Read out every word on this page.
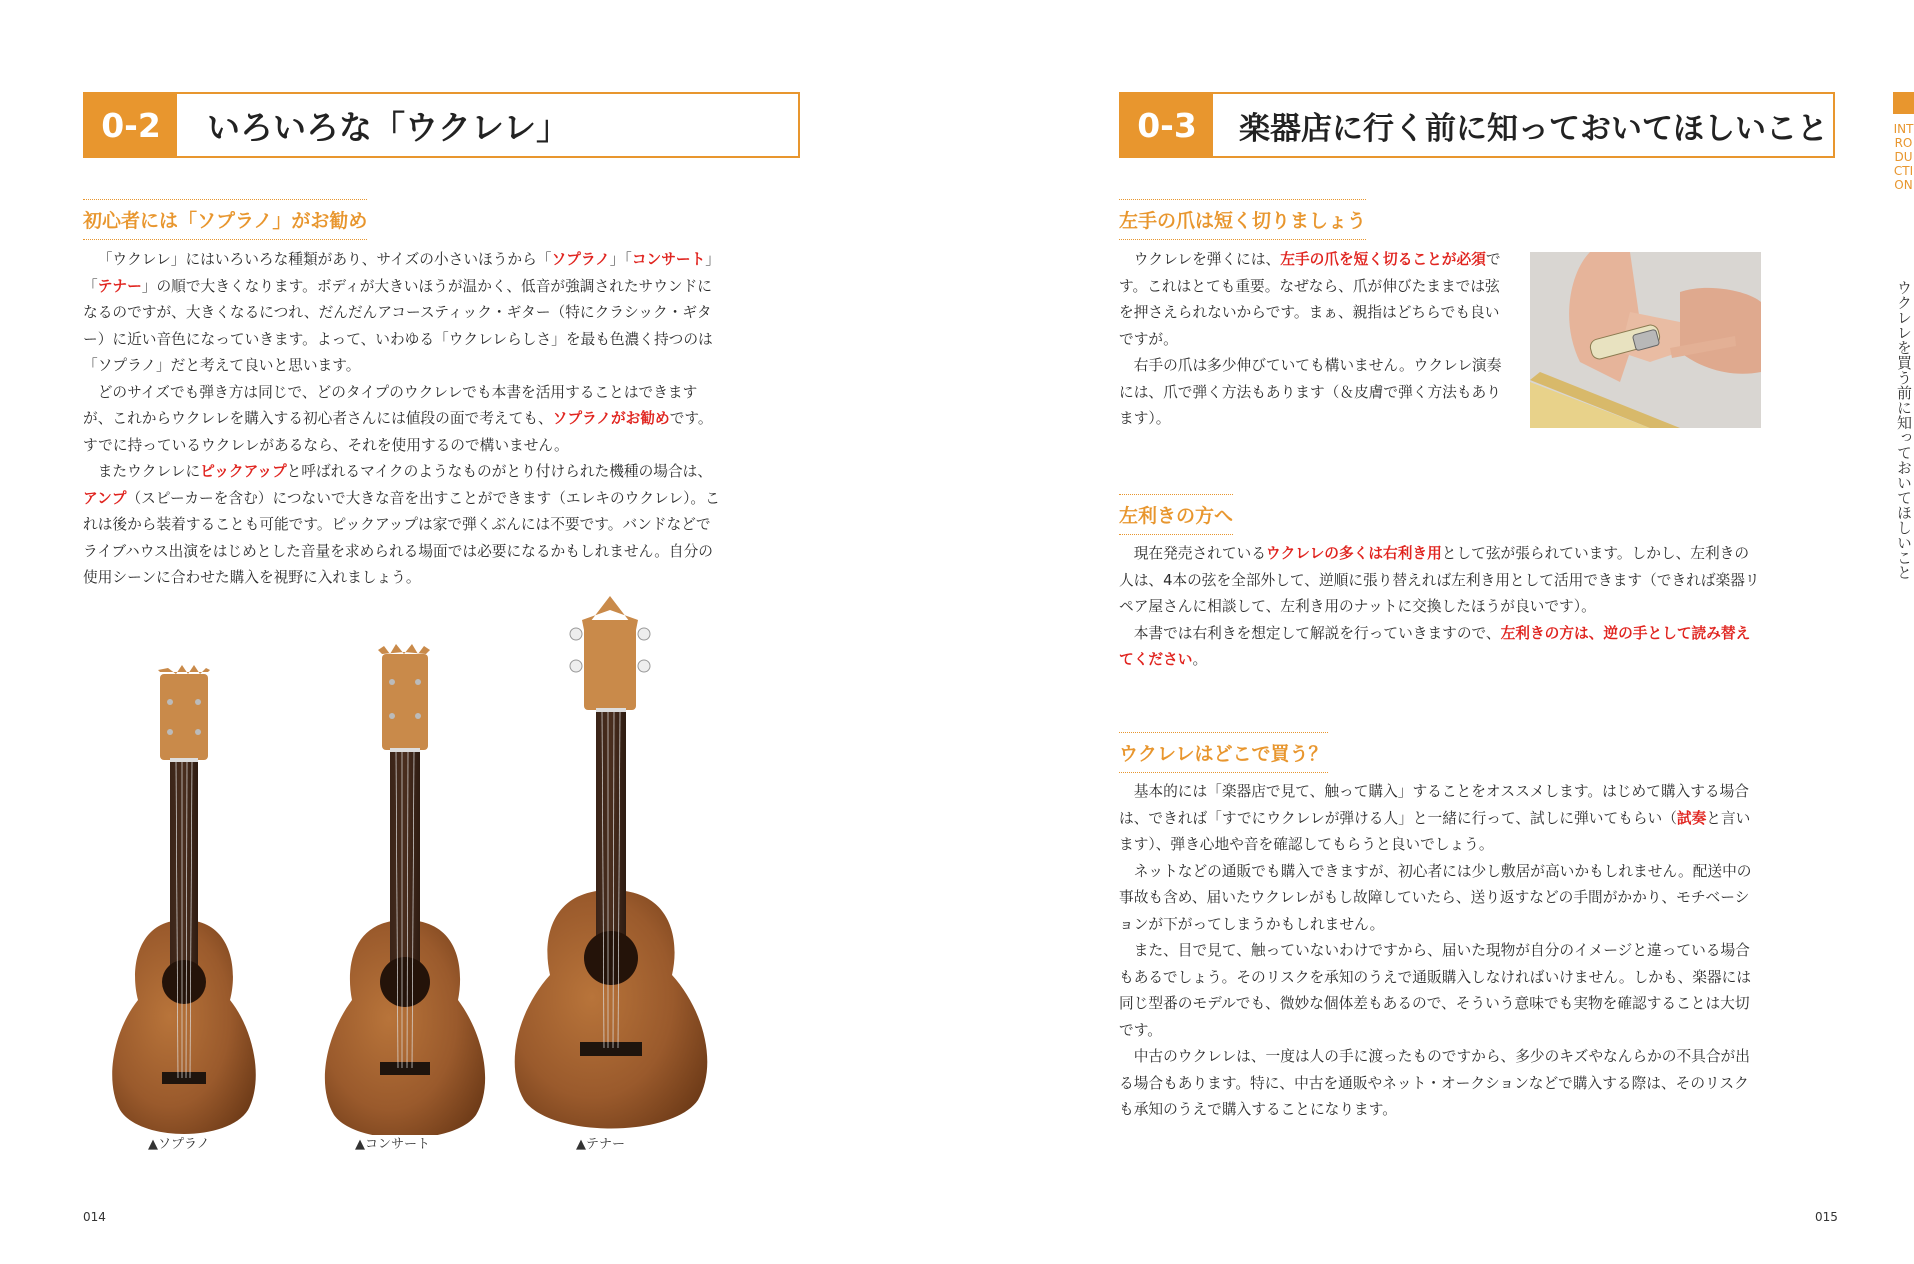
0-2	いろいろな「ウクレレ」
初心者には「ソプラノ」がお勧め

「ウクレレ」にはいろいろな種類があり、サイズの小さいほうから「ソプラノ」「コンサート」「テナー」の順で大きくなります。ボディが大きいほうが温かく、低音が強調されたサウンドになるのですが、大きくなるにつれ、だんだんアコースティック・ギター（特にクラシック・ギター）に近い音色になっていきます。よって、いわゆる「ウクレレらしさ」を最も色濃く持つのは「ソプラノ」だと考えて良いと思います。

どのサイズでも弾き方は同じで、どのタイプのウクレレでも本書を活用することはできますが、これからウクレレを購入する初心者さんには値段の面で考えても、ソプラノがお勧めです。すでに持っているウクレレがあるなら、それを使用するので構いません。

またウクレレにピックアップと呼ばれるマイクのようなものがとり付けられた機種の場合は、アンプ（スピーカーを含む）につないで大きな音を出すことができます（エレキのウクレレ）。これは後から装着することも可能です。ピックアップは家で弾くぶんには不要です。バンドなどでライブハウス出演をはじめとした音量を求められる場面では必要になるかもしれません。自分の使用シーンに合わせた購入を視野に入れましょう。

▲ソプラノ	▲コンサート	▲テナー
014
0-3	楽器店に行く前に知っておいてほしいこと
左手の爪は短く切りましょう

ウクレレを弾くには、左手の爪を短く切ることが必須です。これはとても重要。なぜなら、爪が伸びたままでは弦を押さえられないからです。まぁ、親指はどちらでも良いですが。

右手の爪は多少伸びていても構いません。ウクレレ演奏には、爪で弾く方法もあります（＆皮膚で弾く方法もあります）。

左利きの方へ

現在発売されているウクレレの多くは右利き用として弦が張られています。しかし、左利きの人は、4本の弦を全部外して、逆順に張り替えれば左利き用として活用できます（できれば楽器リペア屋さんに相談して、左利き用のナットに交換したほうが良いです）。

本書では右利きを想定して解説を行っていきますので、左利きの方は、逆の手として読み替えてください。

ウクレレはどこで買う？

基本的には「楽器店で見て、触って購入」することをオススメします。はじめて購入する場合は、できれば「すでにウクレレが弾ける人」と一緒に行って、試しに弾いてもらい（試奏と言います）、弾き心地や音を確認してもらうと良いでしょう。

ネットなどの通販でも購入できますが、初心者には少し敷居が高いかもしれません。配送中の事故も含め、届いたウクレレがもし故障していたら、送り返すなどの手間がかかり、モチベーションが下がってしまうかもしれません。

また、目で見て、触っていないわけですから、届いた現物が自分のイメージと違っている場合もあるでしょう。そのリスクを承知のうえで通販購入しなければいけません。しかも、楽器には同じ型番のモデルでも、微妙な個体差もあるので、そういう意味でも実物を確認することは大切です。

中古のウクレレは、一度は人の手に渡ったものですから、多少のキズやなんらかの不具合が出る場合もあります。特に、中古を通販やネット・オークションなどで購入する際は、そのリスクも承知のうえで購入することになります。

015
INTRODUCTION
ウクレレを買う前に知っておいてほしいこと
